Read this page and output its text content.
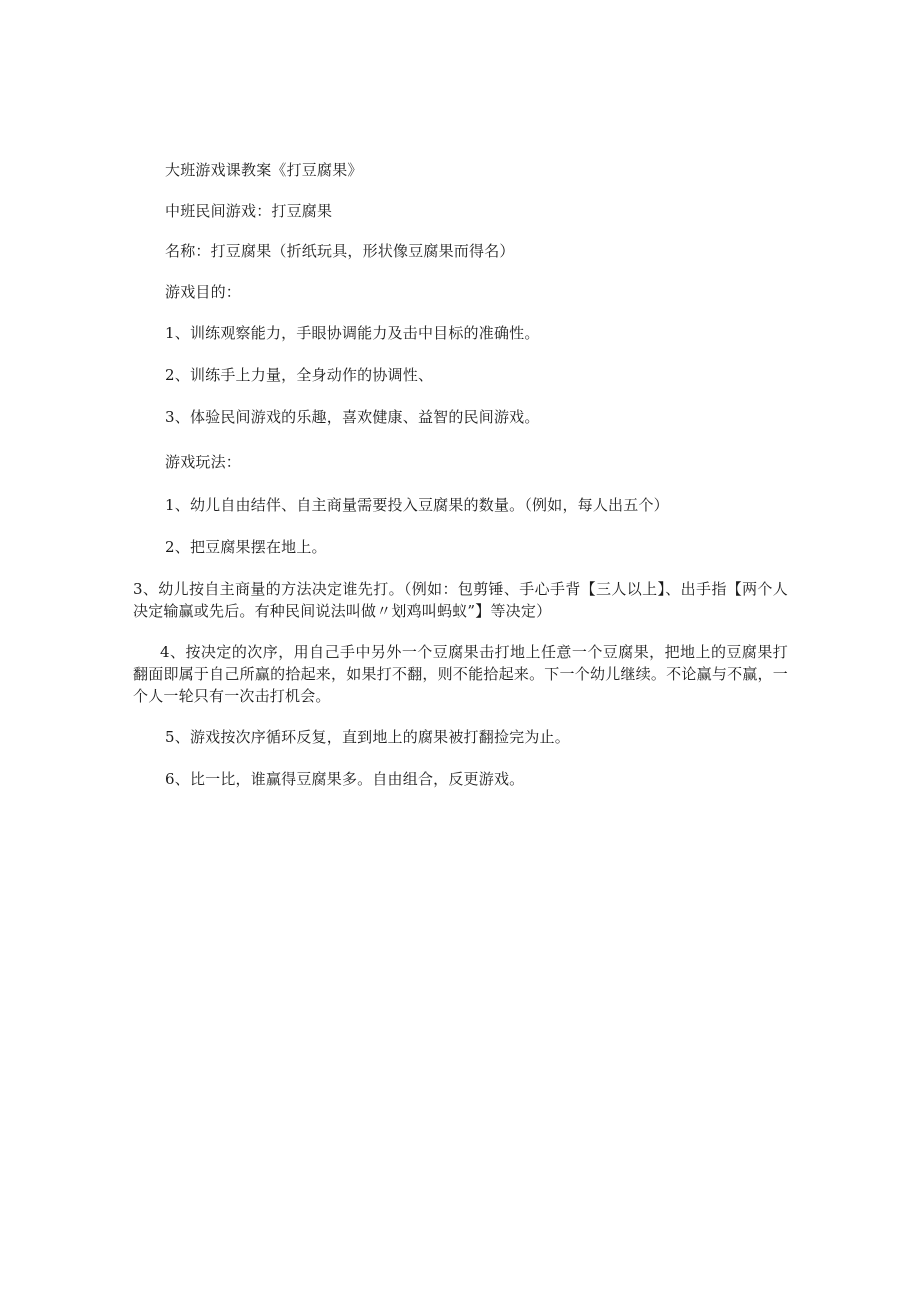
大班游戏课教案《打豆腐果》
中班民间游戏：打豆腐果
名称：打豆腐果（折纸玩具，形状像豆腐果而得名）
游戏目的：
1、训练观察能力，手眼协调能力及击中目标的准确性。
2、训练手上力量，全身动作的协调性、
3、体验民间游戏的乐趣，喜欢健康、益智的民间游戏。
游戏玩法：
1、幼儿自由结伴、自主商量需要投入豆腐果的数量。（例如，每人出五个）
2、把豆腐果摆在地上。
3、幼儿按自主商量的方法决定谁先打。（例如：包剪锤、手心手背【三人以上】、出手指【两个人决定输赢或先后。有种民间说法叫做〃划鸡叫蚂蚁”】等决定）
4、按决定的次序，用自己手中另外一个豆腐果击打地上任意一个豆腐果，把地上的豆腐果打翻面即属于自己所赢的拾起来，如果打不翻，则不能拾起来。下一个幼儿继续。不论赢与不赢，一个人一轮只有一次击打机会。
5、游戏按次序循环反复，直到地上的腐果被打翻捡完为止。
6、比一比，谁赢得豆腐果多。自由组合，反更游戏。
